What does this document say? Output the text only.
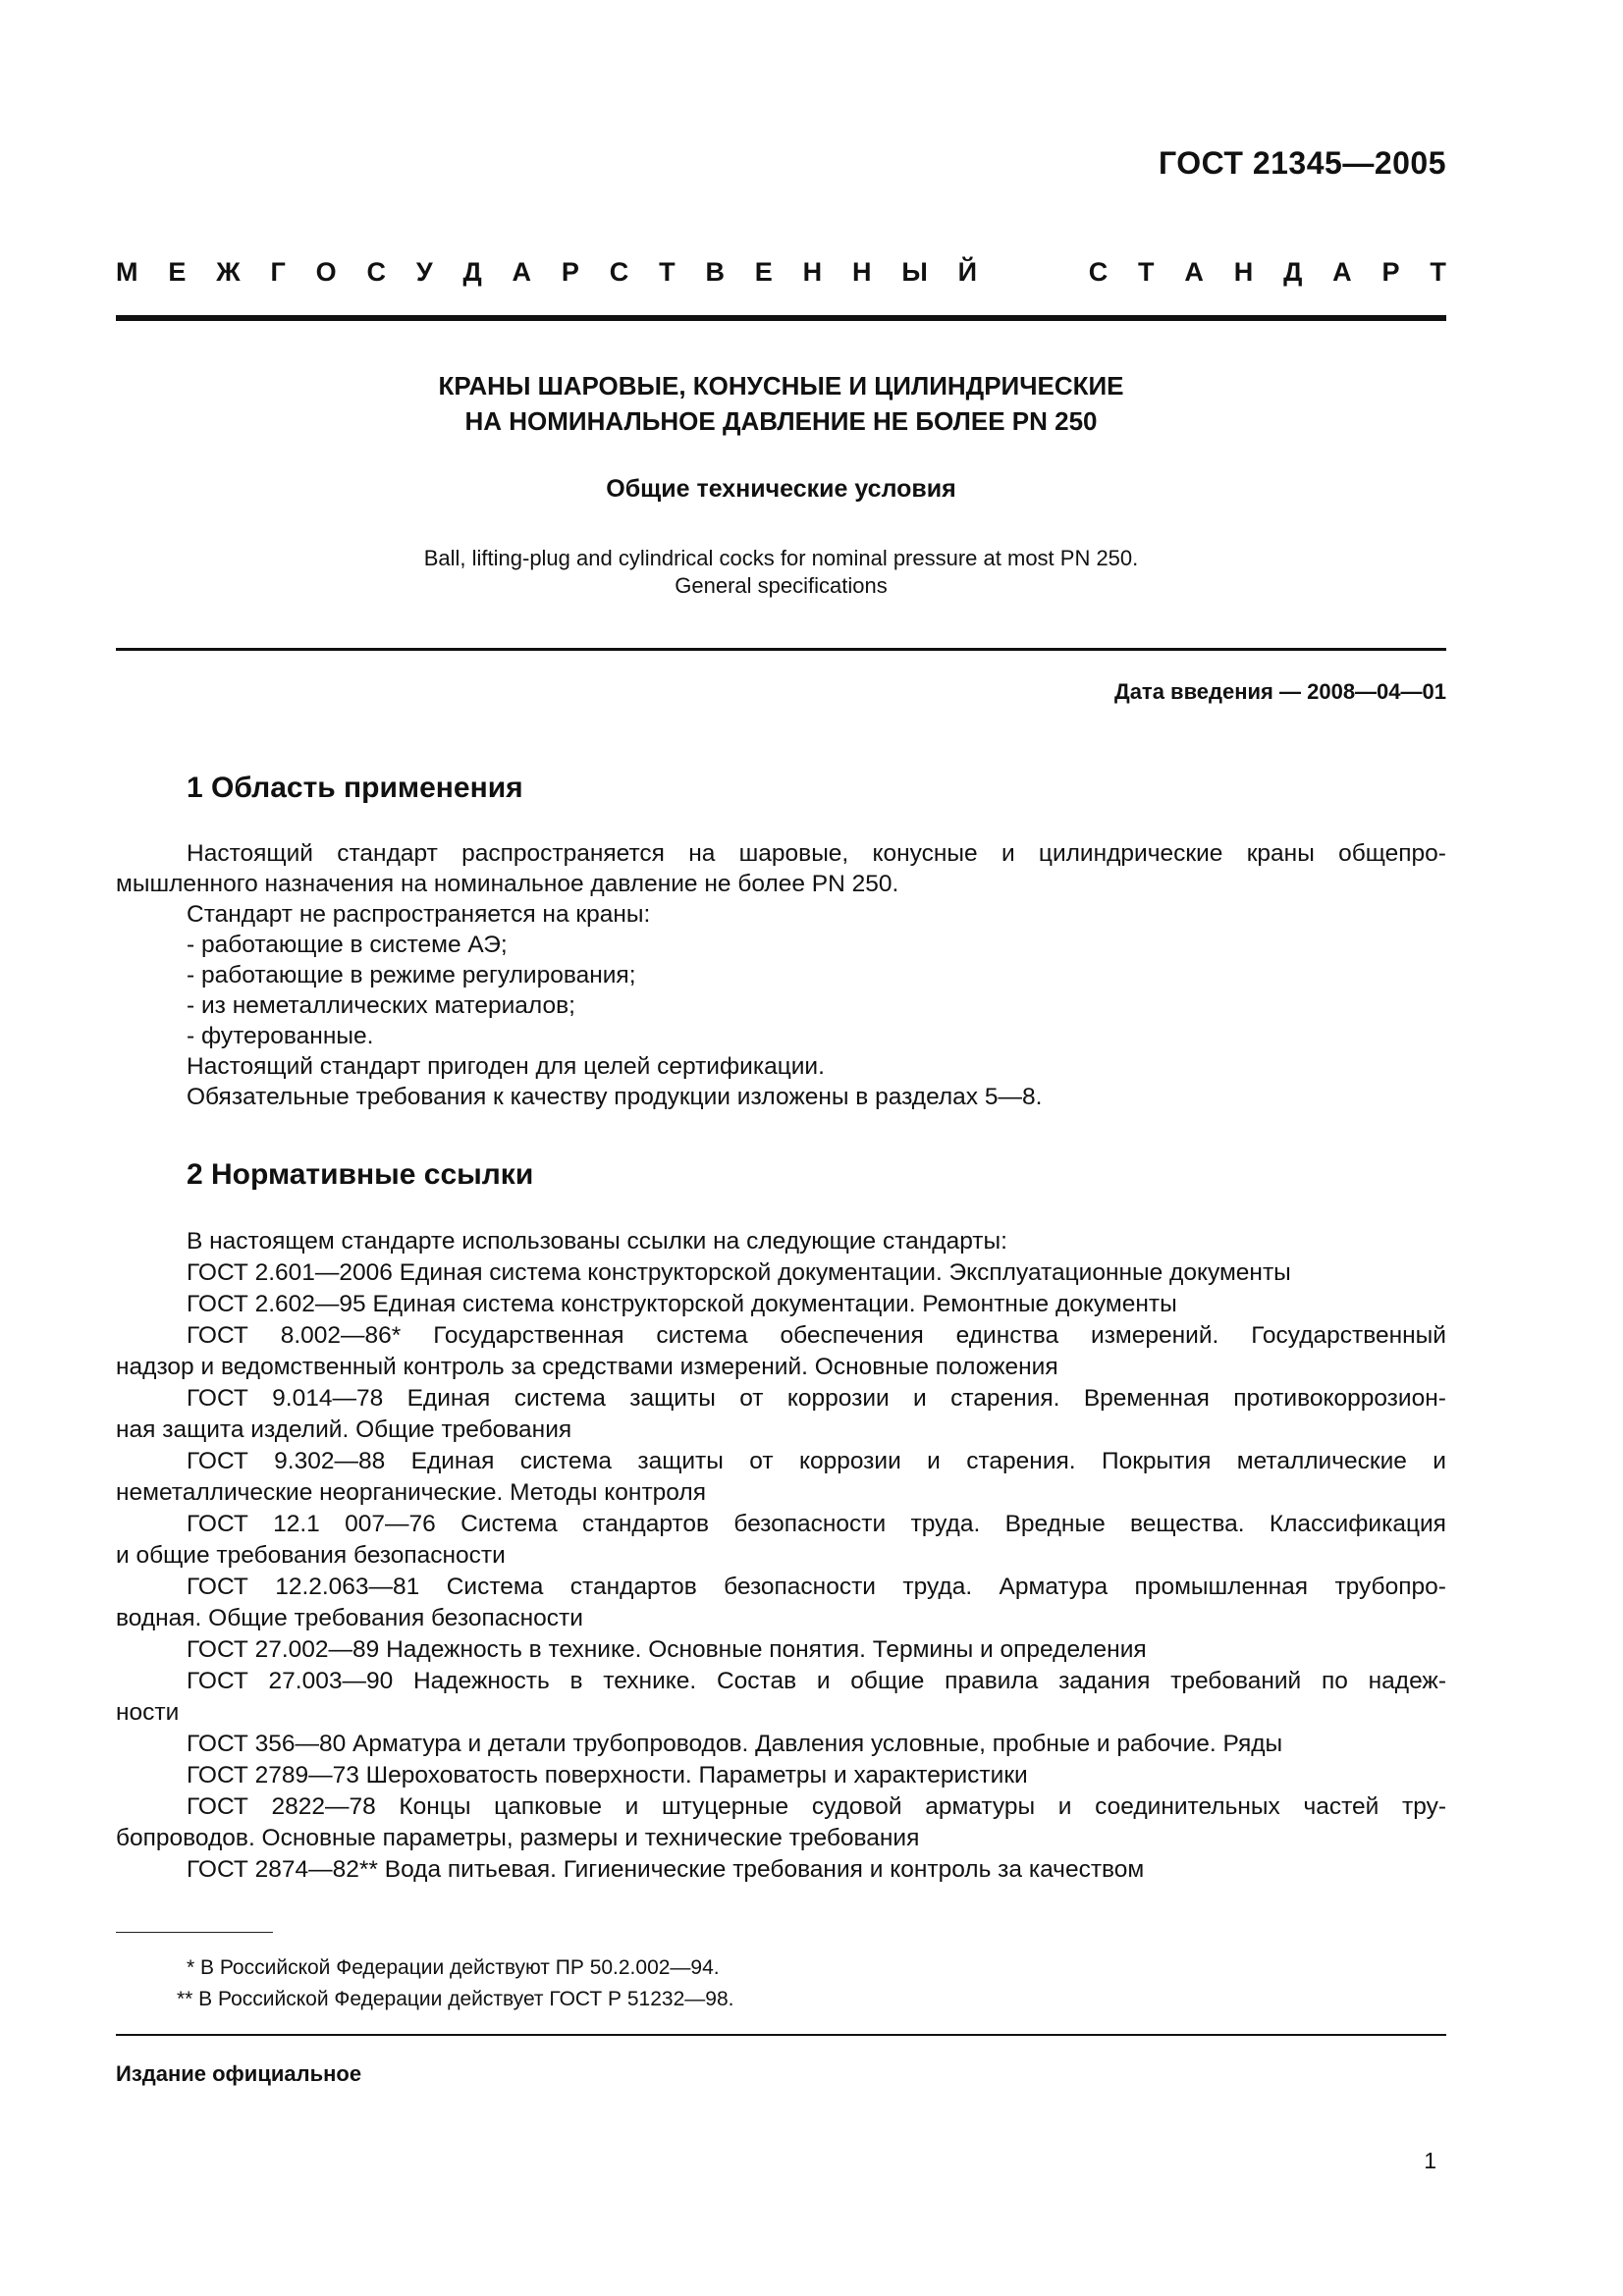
ГОСТ 21345—2005
М Е Ж Г О С У Д А Р С Т В Е Н Н Ы Й	С Т А Н Д А Р Т
КРАНЫ ШАРОВЫЕ, КОНУСНЫЕ И ЦИЛИНДРИЧЕСКИЕ
НА НОМИНАЛЬНОЕ ДАВЛЕНИЕ НЕ БОЛЕЕ PN 250
Общие технические условия
Ball, lifting-plug and cylindrical cocks for nominal pressure at most PN 250.
General specifications
Дата введения — 2008—04—01
1 Область применения
Настоящий стандарт распространяется на шаровые, конусные и цилиндрические краны общепро-
мышленного назначения на номинальное давление не более PN 250.
Стандарт не распространяется на краны:
- работающие в системе АЭ;
- работающие в режиме регулирования;
- из неметаллических материалов;
- футерованные.
Настоящий стандарт пригоден для целей сертификации.
Обязательные требования к качеству продукции изложены в разделах 5—8.
2 Нормативные ссылки
В настоящем стандарте использованы ссылки на следующие стандарты:
ГОСТ 2.601—2006 Единая система конструкторской документации. Эксплуатационные документы
ГОСТ 2.602—95 Единая система конструкторской документации. Ремонтные документы
ГОСТ 8.002—86* Государственная система обеспечения единства измерений. Государственный
надзор и ведомственный контроль за средствами измерений. Основные положения
ГОСТ 9.014—78 Единая система защиты от коррозии и старения. Временная противокоррозион-
ная защита изделий. Общие требования
ГОСТ 9.302—88 Единая система защиты от коррозии и старения. Покрытия металлические и
неметаллические неорганические. Методы контроля
ГОСТ 12.1 007—76 Система стандартов безопасности труда. Вредные вещества. Классификация
и общие требования безопасности
ГОСТ 12.2.063—81 Система стандартов безопасности труда. Арматура промышленная трубопро-
водная. Общие требования безопасности
ГОСТ 27.002—89 Надежность в технике. Основные понятия. Термины и определения
ГОСТ 27.003—90 Надежность в технике. Состав и общие правила задания требований по надеж-
ности
ГОСТ 356—80 Арматура и детали трубопроводов. Давления условные, пробные и рабочие. Ряды
ГОСТ 2789—73 Шероховатость поверхности. Параметры и характеристики
ГОСТ 2822—78 Концы цапковые и штуцерные судовой арматуры и соединительных частей тру-
бопроводов. Основные параметры, размеры и технические требования
ГОСТ 2874—82** Вода питьевая. Гигиенические требования и контроль за качеством
* В Российской Федерации действуют ПР 50.2.002—94.
** В Российской Федерации действует ГОСТ Р 51232—98.
Издание официальное
1
